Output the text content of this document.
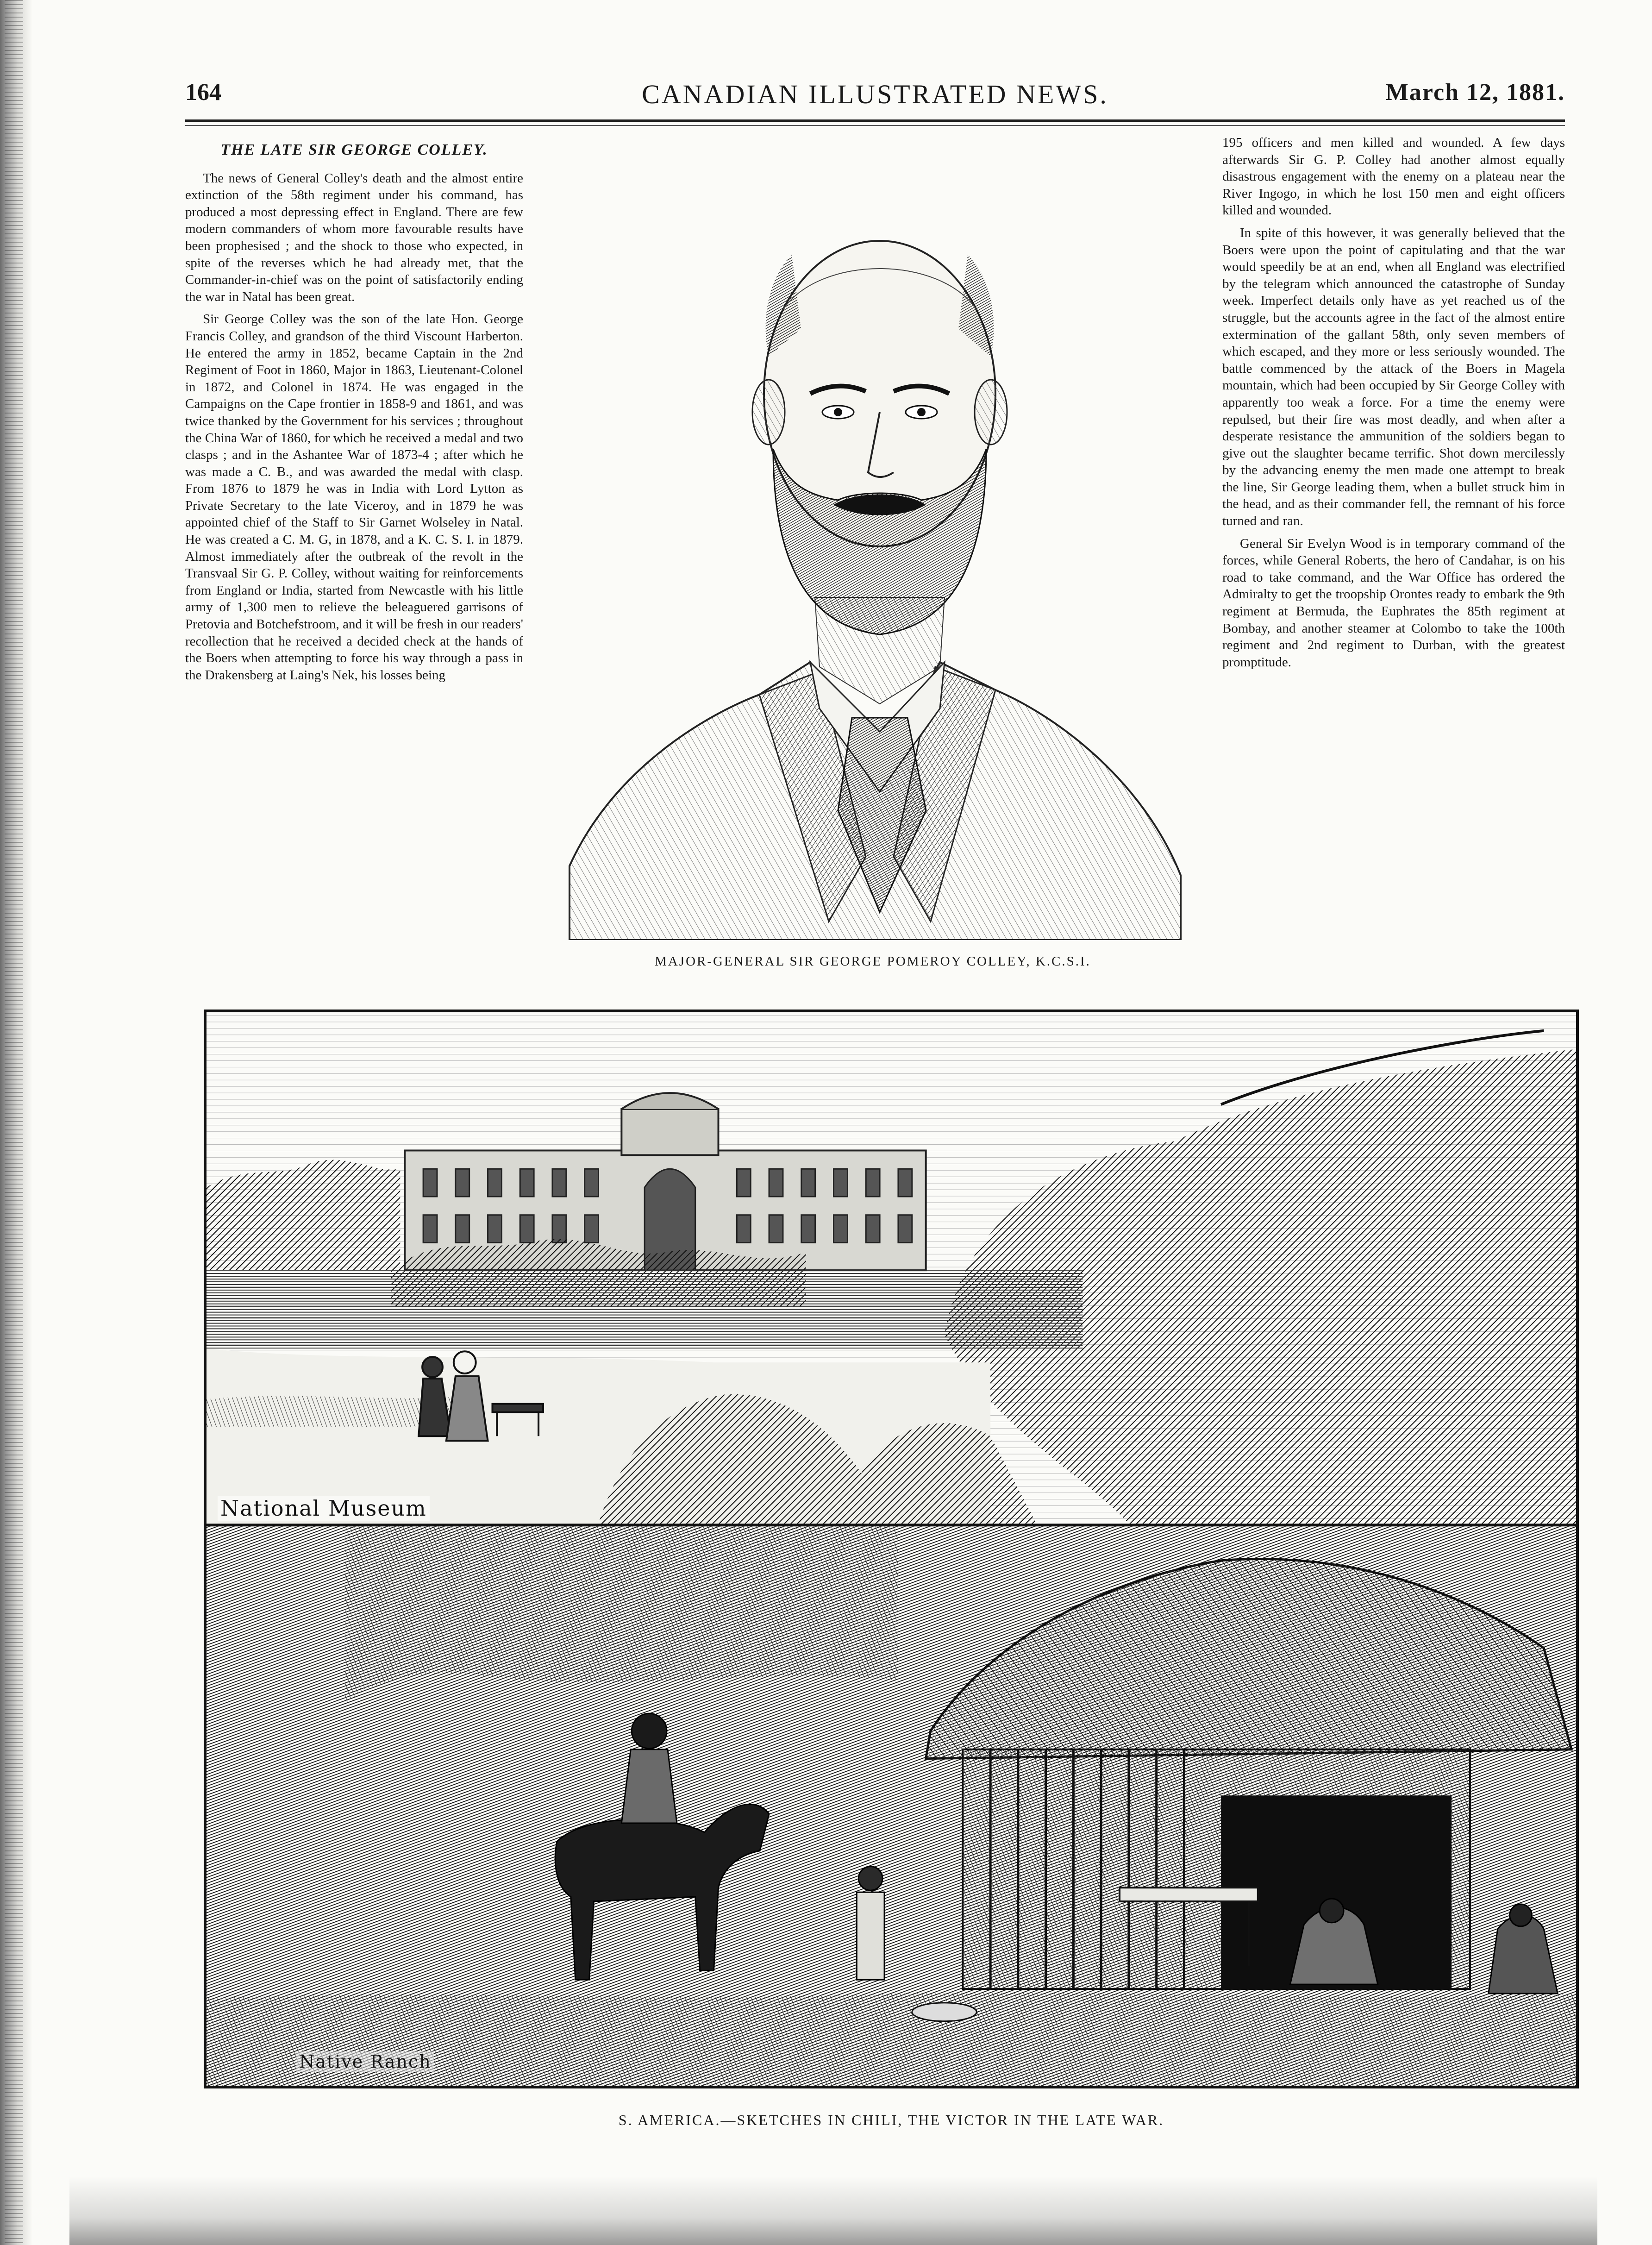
CANADIAN ILLUSTRATED NEWS.
164	March 12, 1881.
THE LATE SIR GEORGE COLLEY.

The news of General Colley's death and the almost entire extinction of the 58th regiment under his command, has produced a most depressing effect in England. There are few modern commanders of whom more favourable results have been prophesised ; and the shock to those who expected, in spite of the reverses which he had already met, that the Commander-in-chief was on the point of satisfactorily ending the war in Natal has been great.

Sir George Colley was the son of the late Hon. George Francis Colley, and grandson of the third Viscount Harberton. He entered the army in 1852, became Captain in the 2nd Regiment of Foot in 1860, Major in 1863, Lieutenant-Colonel in 1872, and Colonel in 1874. He was engaged in the Campaigns on the Cape frontier in 1858-9 and 1861, and was twice thanked by the Government for his services ; throughout the China War of 1860, for which he received a medal and two clasps ; and in the Ashantee War of 1873-4 ; after which he was made a C. B., and was awarded the medal with clasp. From 1876 to 1879 he was in India with Lord Lytton as Private Secretary to the late Viceroy, and in 1879 he was appointed chief of the Staff to Sir Garnet Wolseley in Natal. He was created a C. M. G, in 1878, and a K. C. S. I. in 1879. Almost immediately after the outbreak of the revolt in the Transvaal Sir G. P. Colley, without waiting for reinforcements from England or India, started from Newcastle with his little army of 1,300 men to relieve the beleaguered garrisons of Pretovia and Botchefstroom, and it will be fresh in our readers' recollection that he received a decided check at the hands of the Boers when attempting to force his way through a pass in the Drakensberg at Laing's Nek, his losses being

MAJOR-GENERAL SIR GEORGE POMEROY COLLEY, K.C.S.I.

195 officers and men killed and wounded. A few days afterwards Sir G. P. Colley had another almost equally disastrous engagement with the enemy on a plateau near the River Ingogo, in which he lost 150 men and eight officers killed and wounded.

In spite of this however, it was generally believed that the Boers were upon the point of capitulating and that the war would speedily be at an end, when all England was electrified by the telegram which announced the catastrophe of Sunday week. Imperfect details only have as yet reached us of the struggle, but the accounts agree in the fact of the almost entire extermination of the gallant 58th, only seven members of which escaped, and they more or less seriously wounded. The battle commenced by the attack of the Boers in Magela mountain, which had been occupied by Sir George Colley with apparently too weak a force. For a time the enemy were repulsed, but their fire was most deadly, and when after a desperate resistance the ammunition of the soldiers began to give out the slaughter became terrific. Shot down mercilessly by the advancing enemy the men made one attempt to break the line, Sir George leading them, when a bullet struck him in the head, and as their commander fell, the remnant of his force turned and ran.

General Sir Evelyn Wood is in temporary command of the forces, while General Roberts, the hero of Candahar, is on his road to take command, and the War Office has ordered the Admiralty to get the troopship Orontes ready to embark the 9th regiment at Bermuda, the Euphrates the 85th regiment at Bombay, and another steamer at Colombo to take the 100th regiment and 2nd regiment to Durban, with the greatest promptitude.

National Museum
Native Ranch
S. AMERICA.—SKETCHES IN CHILI, THE VICTOR IN THE LATE WAR.
